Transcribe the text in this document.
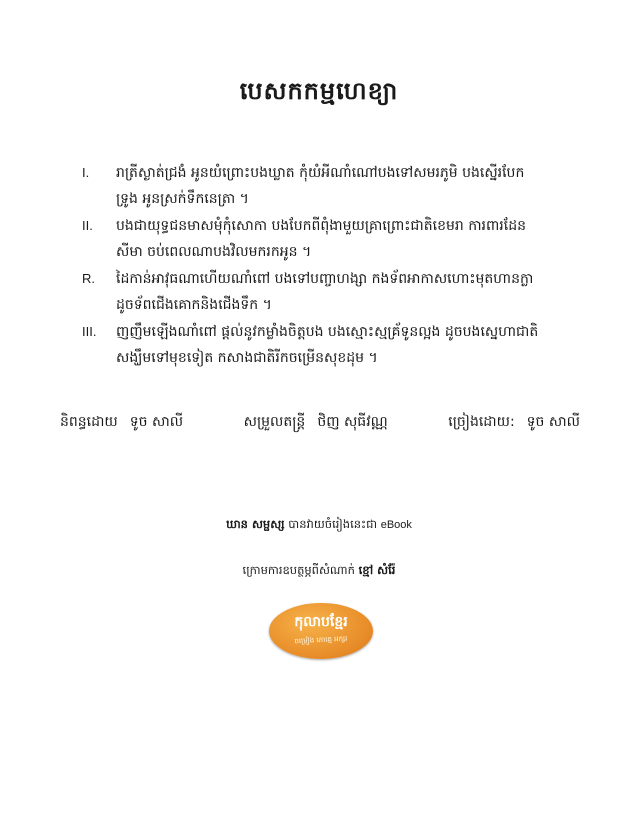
បេសកកម្មហេខ្យា
I.	រាត្រីស្ងាត់ជ្រងំ អូនយំព្រោះបងឃ្លាត កុំយំអីណាំណៅបងទៅសមរភូមិ បងស្នើរបែក
ទ្រូង អូនស្រក់ទឹកនេត្រា ។
II.	បងជាយុទ្ធជនមាសមុំកុំសោកា បងបែកពីពុំងាមួយគ្រាព្រោះជាតិខេមរា ការពារដែន
សីមា ចប់ពេលណាបងវិលមករកអូន ។
R.	ដៃកាន់អាវុធណាហើយណាំពៅ បងទៅបញ្ចាហង្សា កងទ័ពអាកាសហោះមុតហានក្លា
ដូចទ័ពជើងគោកនិងជើងទឹក ។
III.	ញញឹមឡើងណាំពៅ ផ្តល់នូវកម្លាំងចិត្តបង បងស្មោះស្មគ្រ័ទូនល្អង ដូចបងស្នេហាជាតិ
សង្ឃឹមទៅមុខទៀត កសាងជាតិរីកចម្រើនសុខដុម ។
និពន្ធដោយ ទូច សាលី	សម្រួលតន្ត្រី ថិញ សុធីវណ្ណ	ច្រៀងដោយ: ទូច សាលី
ឃាន សម្ផស្ស បានវាយចំរៀងនេះជា eBook
ក្រោមការឧបត្ថម្ភពីសំណាក់ ខ្មៅ សំរ៉ែ
កុលាបខ្មែរ
ចម្រៀង ភោគ្នេ អក្សរ
